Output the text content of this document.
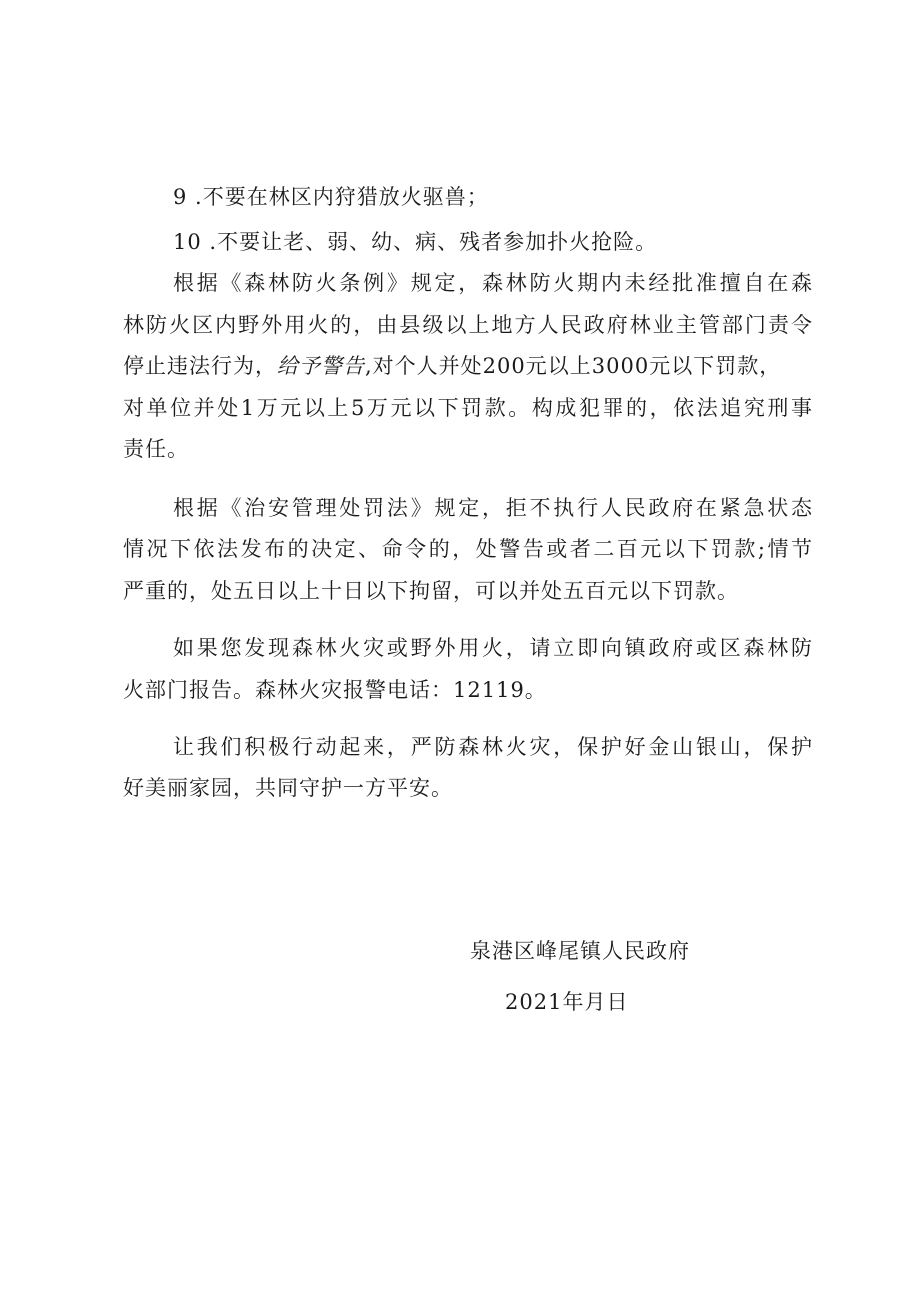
9 .不要在林区内狩猎放火驱兽；
10 .不要让老、弱、幼、病、残者参加扑火抢险。
根据《森林防火条例》规定，森林防火期内未经批准擅自在森
林防火区内野外用火的，由县级以上地方人民政府林业主管部门责令
停止违法行为，给予警告,对个人并处200元以上3000元以下罚款，
对单位并处1万元以上5万元以下罚款。构成犯罪的，依法追究刑事
责任。
根据《治安管理处罚法》规定，拒不执行人民政府在紧急状态
情况下依法发布的决定、命令的，处警告或者二百元以下罚款;情节
严重的，处五日以上十日以下拘留，可以并处五百元以下罚款。
如果您发现森林火灾或野外用火，请立即向镇政府或区森林防
火部门报告。森林火灾报警电话：12119。
让我们积极行动起来，严防森林火灾，保护好金山银山，保护
好美丽家园，共同守护一方平安。
泉港区峰尾镇人民政府
2021年月日
